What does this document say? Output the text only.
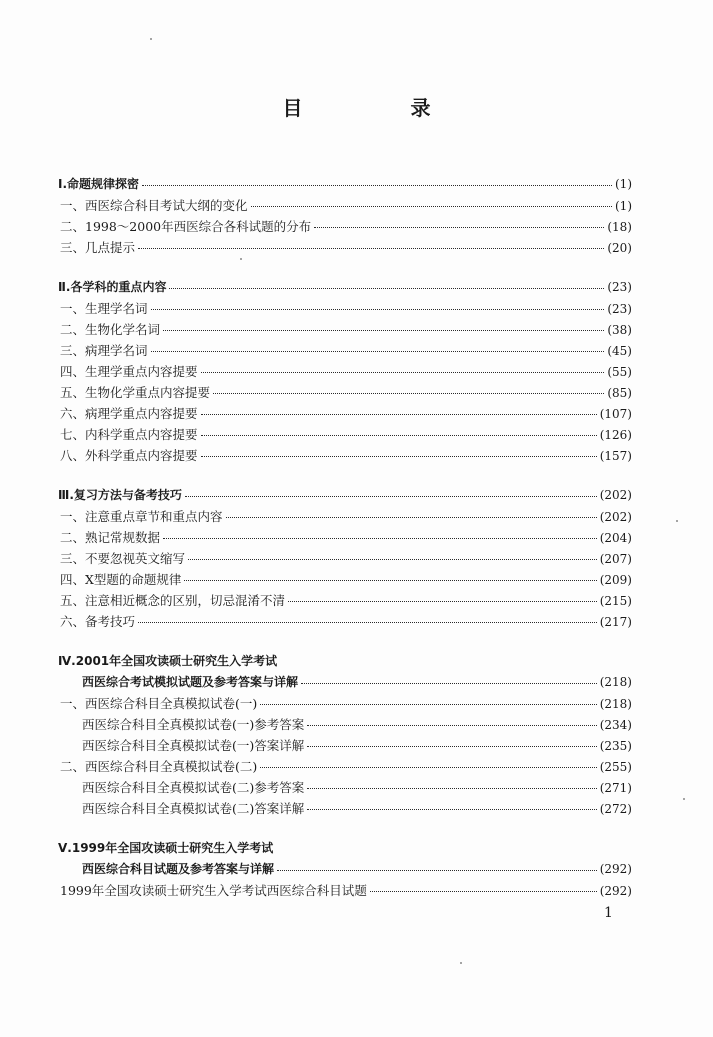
目　录
Ⅰ.命题规律探密	(1)
一、西医综合科目考试大纲的变化	(1)
二、1998～2000年西医综合各科试题的分布	(18)
三、几点提示	(20)
Ⅱ.各学科的重点内容	(23)
一、生理学名词	(23)
二、生物化学名词	(38)
三、病理学名词	(45)
四、生理学重点内容提要	(55)
五、生物化学重点内容提要	(85)
六、病理学重点内容提要	(107)
七、内科学重点内容提要	(126)
八、外科学重点内容提要	(157)
Ⅲ.复习方法与备考技巧	(202)
一、注意重点章节和重点内容	(202)
二、熟记常规数据	(204)
三、不要忽视英文缩写	(207)
四、X型题的命题规律	(209)
五、注意相近概念的区别，切忌混淆不清	(215)
六、备考技巧	(217)
Ⅳ.2001年全国攻读硕士研究生入学考试
西医综合考试模拟试题及参考答案与详解	(218)
一、西医综合科目全真模拟试卷(一)	(218)
西医综合科目全真模拟试卷(一)参考答案	(234)
西医综合科目全真模拟试卷(一)答案详解	(235)
二、西医综合科目全真模拟试卷(二)	(255)
西医综合科目全真模拟试卷(二)参考答案	(271)
西医综合科目全真模拟试卷(二)答案详解	(272)
Ⅴ.1999年全国攻读硕士研究生入学考试
西医综合科目试题及参考答案与详解	(292)
1999年全国攻读硕士研究生入学考试西医综合科目试题	(292)
1
